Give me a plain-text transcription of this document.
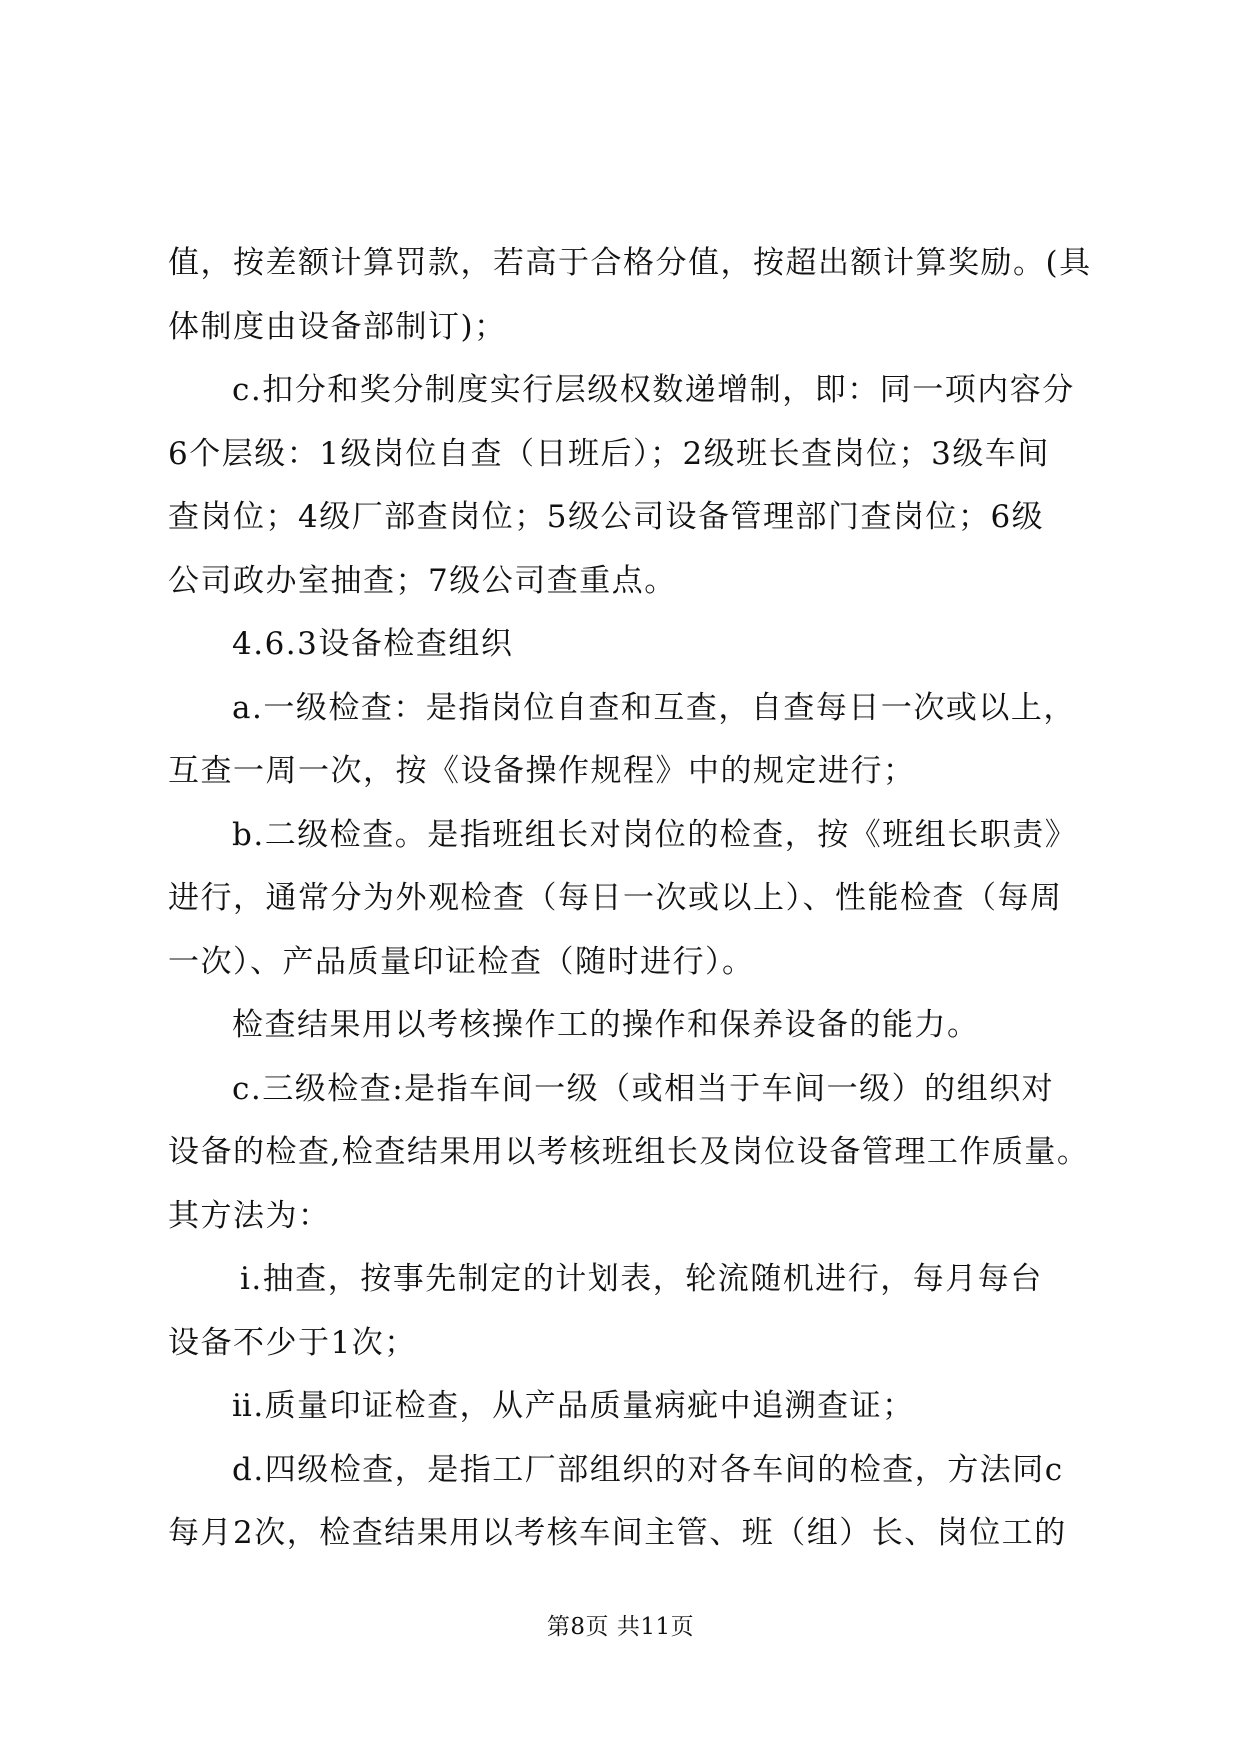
值，按差额计算罚款，若高于合格分值，按超出额计算奖励。(具
体制度由设备部制订)；
c.扣分和奖分制度实行层级权数递增制，即：同一项内容分
6个层级：1级岗位自查（日班后）；2级班长查岗位；3级车间
查岗位；4级厂部查岗位；5级公司设备管理部门查岗位；6级
公司政办室抽查；7级公司查重点。
4.6.3设备检查组织
a.一级检查：是指岗位自查和互查，自查每日一次或以上，
互查一周一次，按《设备操作规程》中的规定进行；
b.二级检查。是指班组长对岗位的检查，按《班组长职责》
进行，通常分为外观检查（每日一次或以上）、性能检查（每周
一次）、产品质量印证检查（随时进行）。
检查结果用以考核操作工的操作和保养设备的能力。
c.三级检查:是指车间一级（或相当于车间一级）的组织对
设备的检查,检查结果用以考核班组长及岗位设备管理工作质量。
其方法为：
ⅰ.抽查，按事先制定的计划表，轮流随机进行，每月每台
设备不少于1次；
ⅱ.质量印证检查，从产品质量病疵中追溯查证；
d.四级检查，是指工厂部组织的对各车间的检查，方法同c
每月2次，检查结果用以考核车间主管、班（组）长、岗位工的
第8页 共11页
